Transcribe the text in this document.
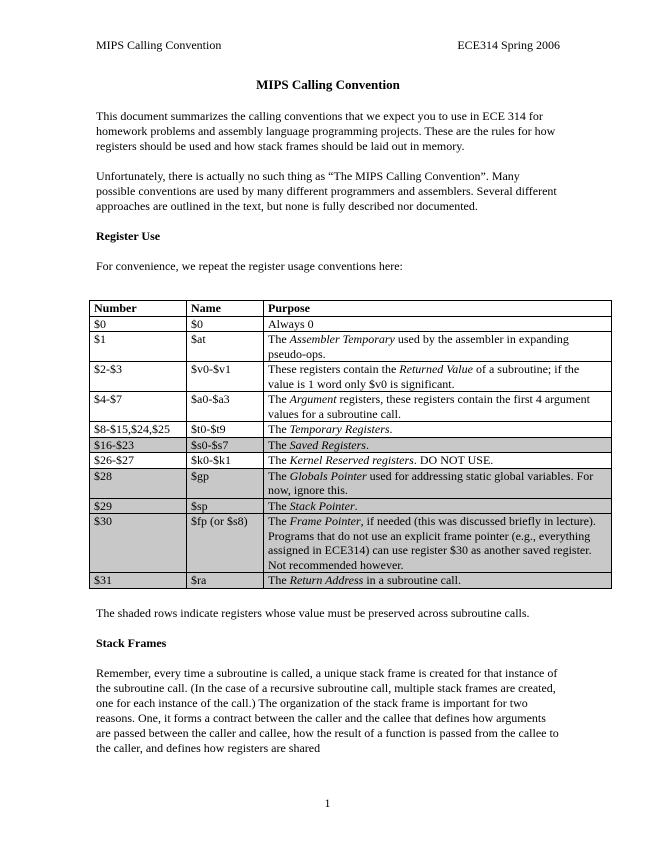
MIPS Calling Convention	ECE314 Spring 2006
MIPS Calling Convention

This document summarizes the calling conventions that we expect you to use in ECE 314 for homework problems and assembly language programming projects. These are the rules for how registers should be used and how stack frames should be laid out in memory.

Unfortunately, there is actually no such thing as “The MIPS Calling Convention”. Many possible conventions are used by many different programmers and assemblers. Several different approaches are outlined in the text, but none is fully described nor documented.

Register Use

For convenience, we repeat the register usage conventions here:

Number	Name	Purpose
$0	$0	Always 0
$1	$at	The Assembler Temporary used by the assembler in expanding pseudo-ops.
$2-$3	$v0-$v1	These registers contain the Returned Value of a subroutine; if the value is 1 word only $v0 is significant.
$4-$7	$a0-$a3	The Argument registers, these registers contain the first 4 argument values for a subroutine call.
$8-$15,$24,$25	$t0-$t9	The Temporary Registers.
$16-$23	$s0-$s7	The Saved Registers.
$26-$27	$k0-$k1	The Kernel Reserved registers. DO NOT USE.
$28	$gp	The Globals Pointer used for addressing static global variables. For now, ignore this.
$29	$sp	The Stack Pointer.
$30	$fp (or $s8)	The Frame Pointer, if needed (this was discussed briefly in lecture). Programs that do not use an explicit frame pointer (e.g., everything assigned in ECE314) can use register $30 as another saved register. Not recommended however.
$31	$ra	The Return Address in a subroutine call.

The shaded rows indicate registers whose value must be preserved across subroutine calls.

Stack Frames

Remember, every time a subroutine is called, a unique stack frame is created for that instance of the subroutine call. (In the case of a recursive subroutine call, multiple stack frames are created, one for each instance of the call.) The organization of the stack frame is important for two reasons. One, it forms a contract between the caller and the callee that defines how arguments are passed between the caller and callee, how the result of a function is passed from the callee to the caller, and defines how registers are shared

1
